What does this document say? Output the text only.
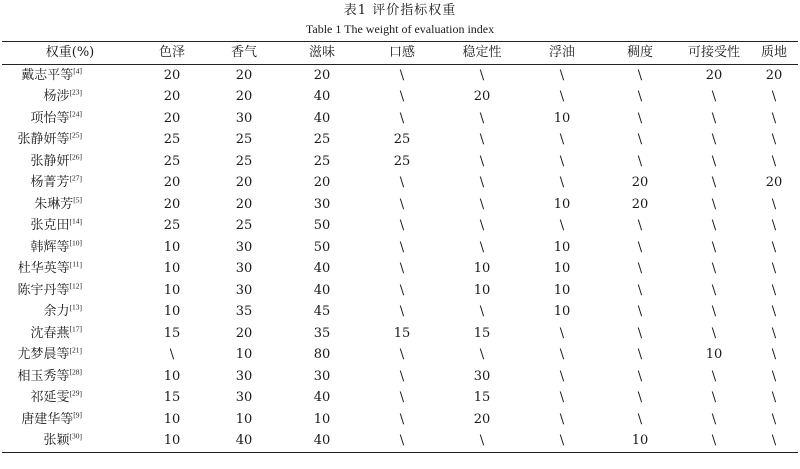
表1 评价指标权重
Table 1 The weight of evaluation index
权重(%)	色泽	香气	滋味	口感	稳定性	浮油	稠度	可接受性	质地
戴志平等 [ $^4$ ]	20	20	20	\	\	\	\	20	20
杨涉 [ $^{23}$ ]	20	20	40	\	20	\	\	\	\
项怡等 [ $^{24}$ ]	20	30	40	\	\	10	\	\	\
张静妍等 [ $^{25}$ ]	25	25	25	25	\	\	\	\	\
张静妍 [ $^{26}$ ]	25	25	25	25	\	\	\	\	\
杨菁芳 [ $^{27}$ ]	20	20	20	\	\	\	20	\	20
朱琳芳 [ $^5$ ]	20	20	30	\	\	10	20	\	\
张克田 [ $^{14}$ ]	25	25	50	\	\	\	\	\	\
韩辉等 [ $^{10}$ ]	10	30	50	\	\	10	\	\	\
杜华英等 [ $^{11}$ ]	10	30	40	\	10	10	\	\	\
陈宇丹等 [ $^{12}$ ]	10	30	40	\	10	10	\	\	\
余力 [ $^{13}$ ]	10	35	45	\	\	10	\	\	\
沈春燕 [ $^{17}$ ]	15	20	35	15	15	\	\	\	\
尤梦晨等 [ $^{21}$ ]	\	10	80	\	\	\	\	10	\
相玉秀等 [ $^{28}$ ]	10	30	30	\	30	\	\	\	\
祁延雯 [ $^{29}$ ]	15	30	40	\	15	\	\	\	\
唐建华等 [ $^9$ ]	10	10	10	\	20	\	\	\	\
张颖 [ $^{30}$ ]	10	40	40	\	\	\	10	\	\
